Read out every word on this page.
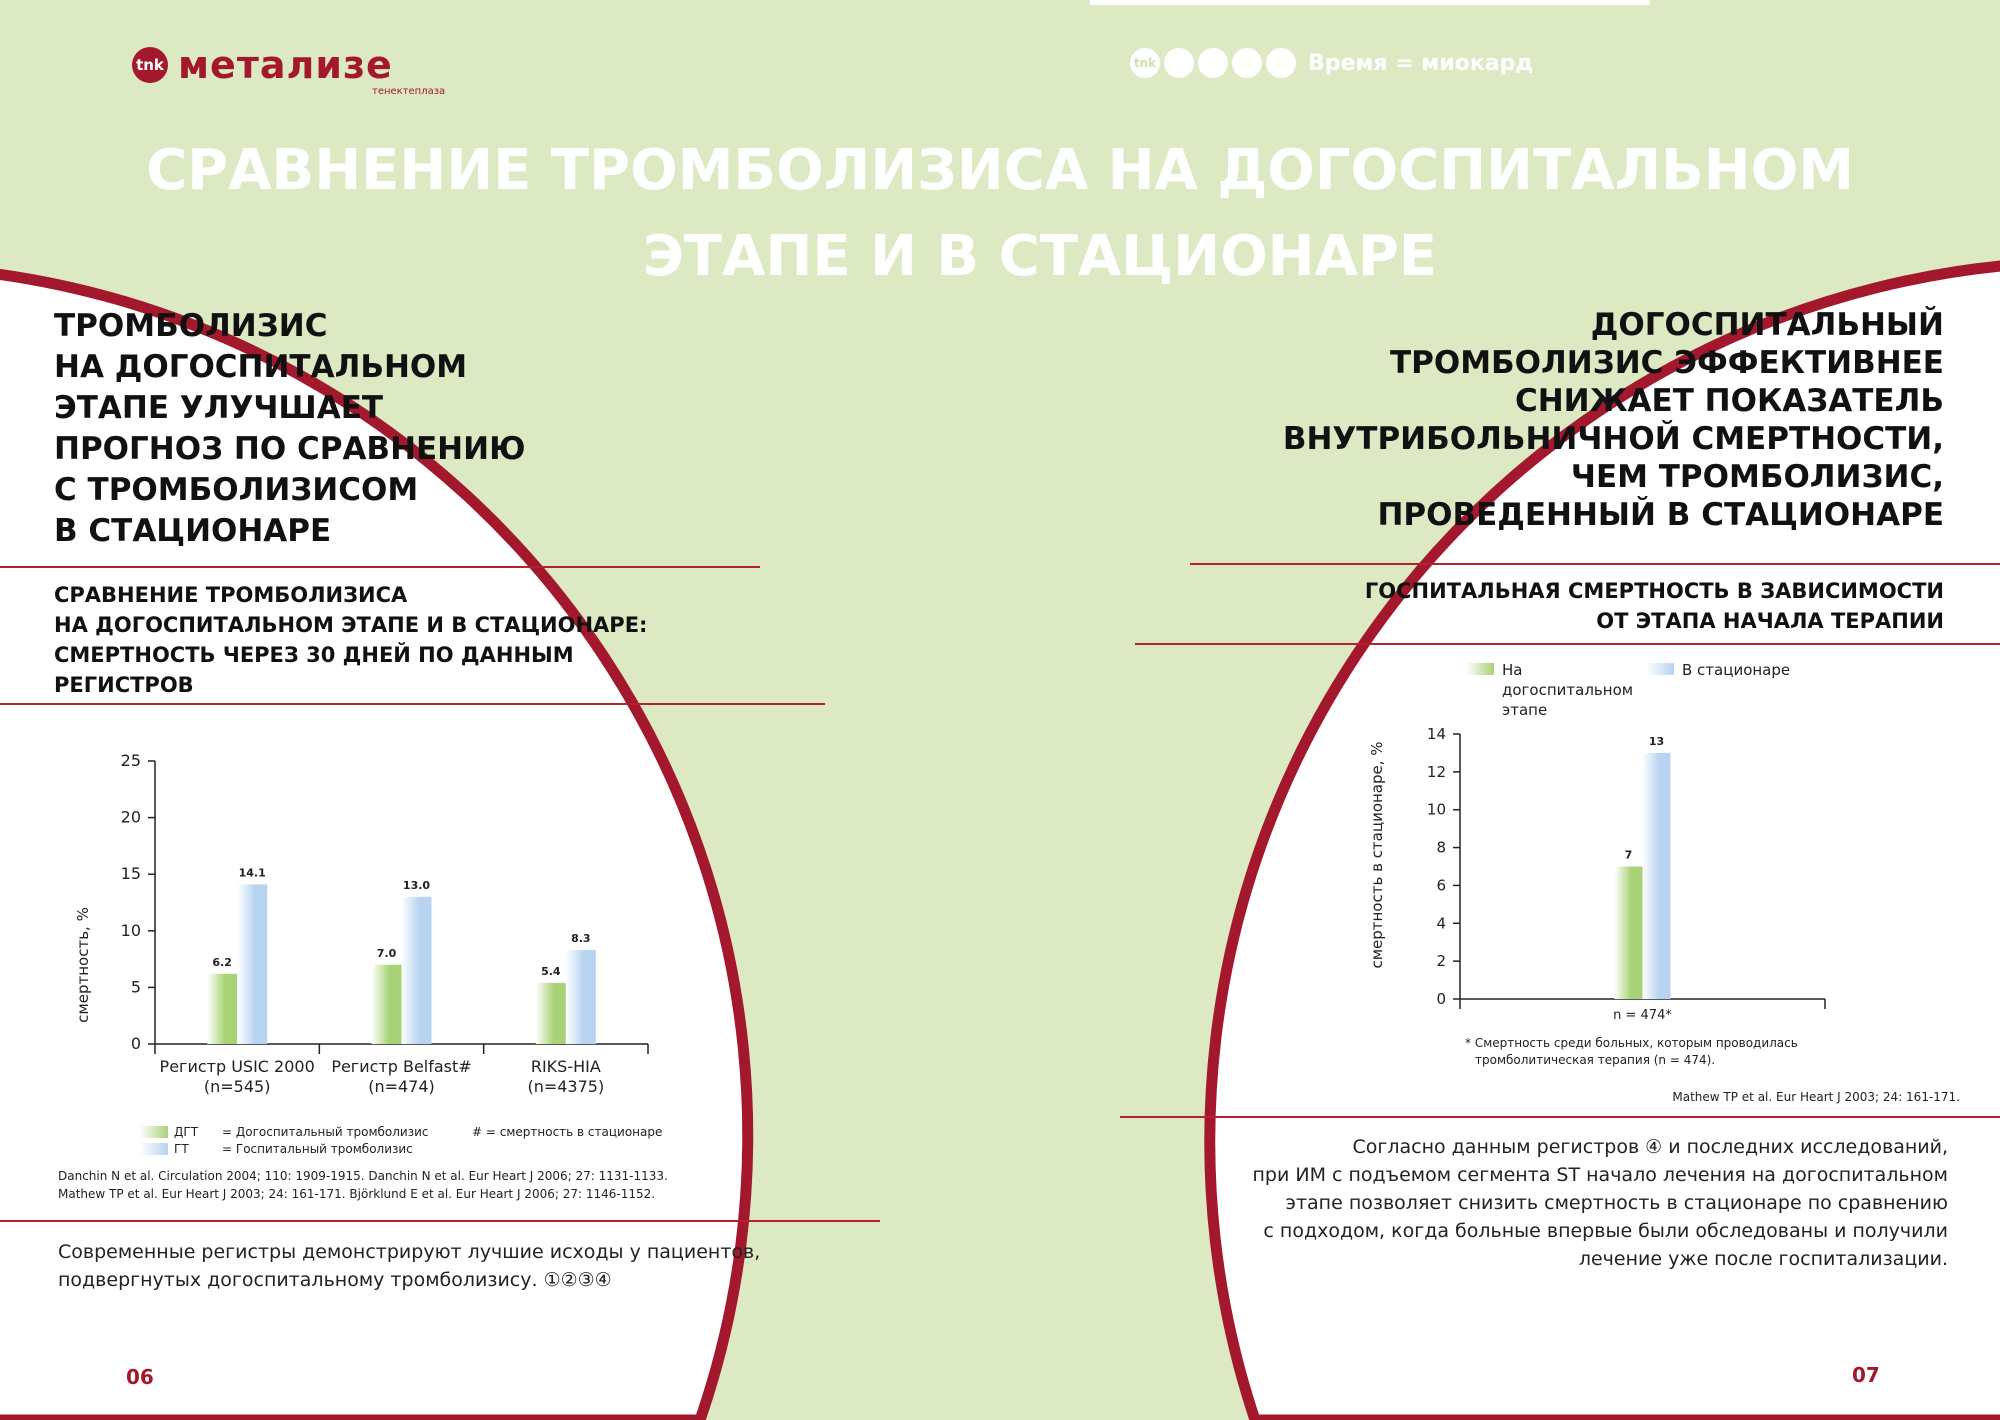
tnk метализе
тенектеплаза
tnk	Время = миокард
СРАВНЕНИЕ ТРОМБОЛИЗИСА НА ДОГОСПИТАЛЬНОМ
ЭТАПЕ И В СТАЦИОНАРЕ
ТРОМБОЛИЗИС
НА ДОГОСПИТАЛЬНОМ
ЭТАПЕ УЛУЧШАЕТ
ПРОГНОЗ ПО СРАВНЕНИЮ
С ТРОМБОЛИЗИСОМ
В СТАЦИОНАРЕ
СРАВНЕНИЕ ТРОМБОЛИЗИСА
НА ДОГОСПИТАЛЬНОМ ЭТАПЕ И В СТАЦИОНАРЕ:
СМЕРТНОСТЬ ЧЕРЕЗ 30 ДНЕЙ ПО ДАННЫМ
РЕГИСТРОВ
смертность, %
0
5
10
15
20
25
6.2
14.1
Регистр USIC 2000
(n=545)
7.0
13.0
Регистр Belfast#
(n=474)
5.4
8.3
RIKS-HIA
(n=4375)
ДГТ	= Догоспитальный тромболизис	# = смертность в стационаре
ГТ	= Госпитальный тромболизис
Danchin N et al. Circulation 2004; 110: 1909-1915. Danchin N et al. Eur Heart J 2006; 27: 1131-1133.
Mathew TP et al. Eur Heart J 2003; 24: 161-171. Björklund E et al. Eur Heart J 2006; 27: 1146-1152.
Современные регистры демонстрируют лучшие исходы у пациентов,
подвергнутых догоспитальному тромболизису. ①②③④
06
ДОГОСПИТАЛЬНЫЙ
ТРОМБОЛИЗИС ЭФФЕКТИВНЕЕ
СНИЖАЕТ ПОКАЗАТЕЛЬ
ВНУТРИБОЛЬНИЧНОЙ СМЕРТНОСТИ,
ЧЕМ ТРОМБОЛИЗИС,
ПРОВЕДЕННЫЙ В СТАЦИОНАРЕ
ГОСПИТАЛЬНАЯ СМЕРТНОСТЬ В ЗАВИСИМОСТИ
ОТ ЭТАПА НАЧАЛА ТЕРАПИИ
На
догоспитальном
этапе
В стационаре
смертность в стационаре, %
0
2
4
6
8
10
12
14
7
13
n = 474*
* Смертность среди больных, которым проводилась
тромболитическая терапия (n = 474).
Mathew TP et al. Eur Heart J 2003; 24: 161-171.
Согласно данным регистров ④ и последних исследований,
при ИМ с подъемом сегмента ST начало лечения на догоспитальном
этапе позволяет снизить смертность в стационаре по сравнению
с подходом, когда больные впервые были обследованы и получили
лечение уже после госпитализации.
07
